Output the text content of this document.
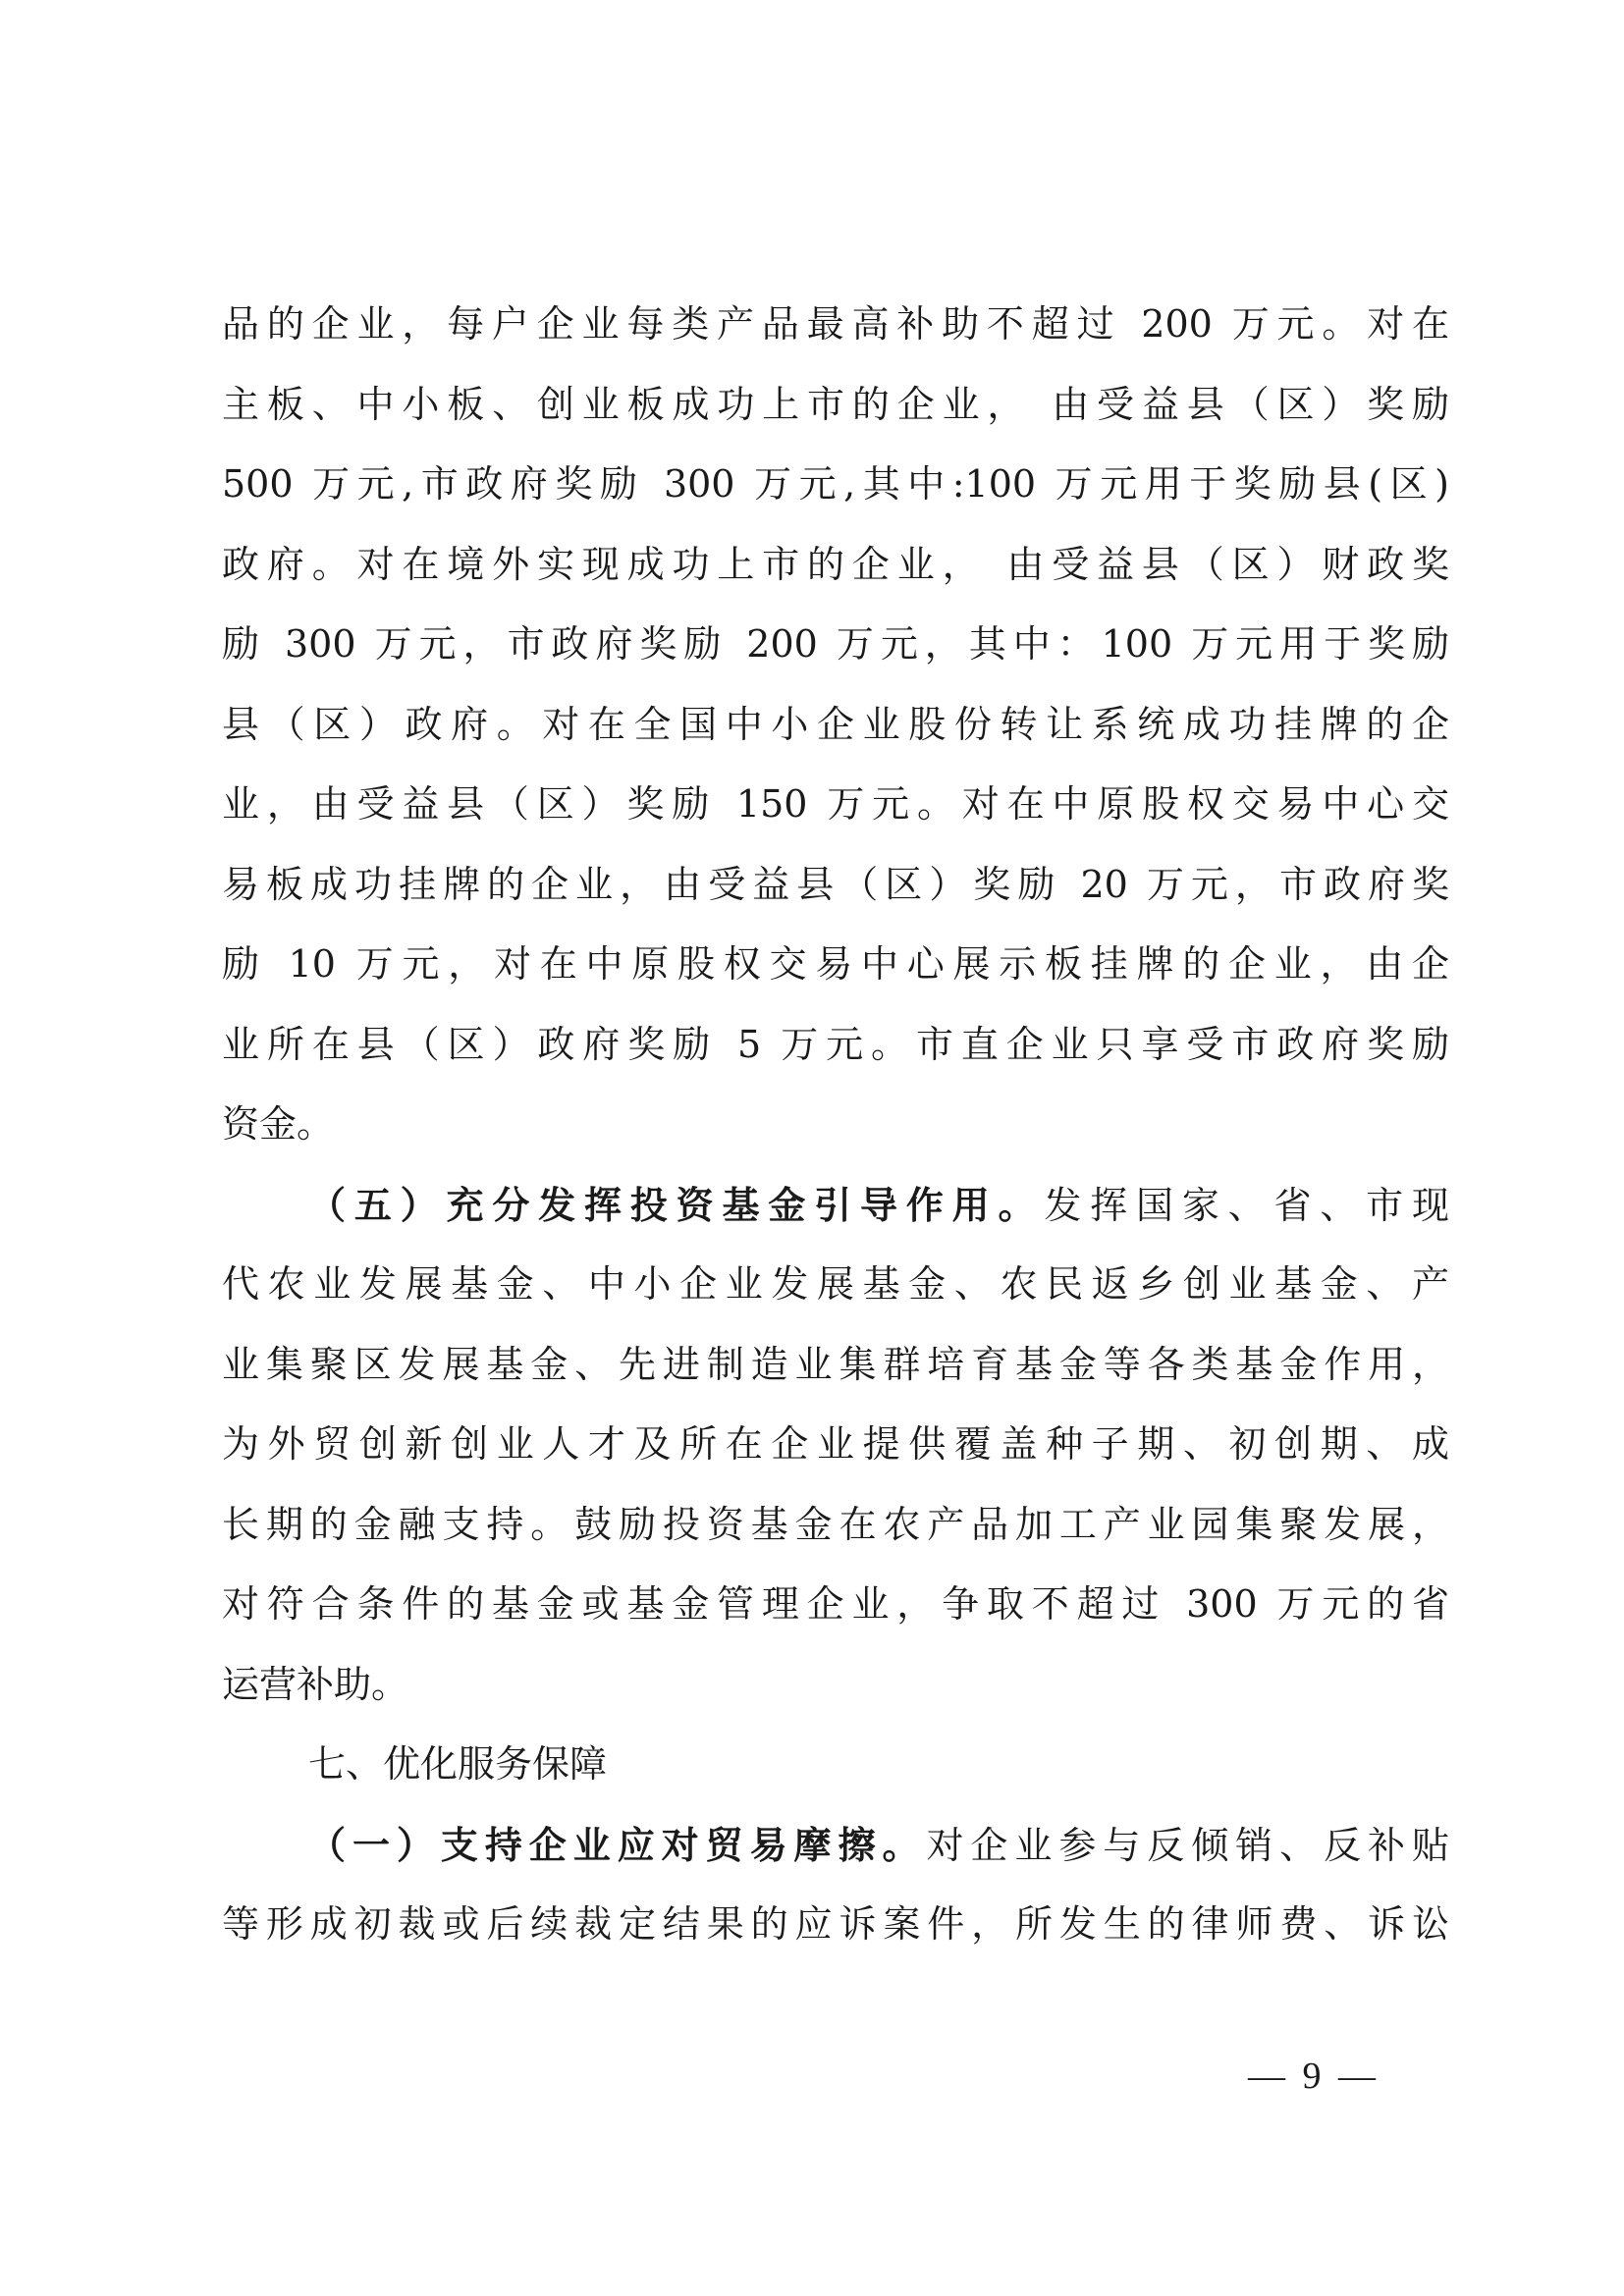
品的企业，每户企业每类产品最高补助不超过 200 万元。对在
主板、中小板、创业板成功上市的企业， 由受益县（区）奖励
500 万元,市政府奖励 300 万元,其中:100 万元用于奖励县(区)
政府。对在境外实现成功上市的企业， 由受益县（区）财政奖
励 300 万元，市政府奖励 200 万元，其中：100 万元用于奖励
县（区）政府。对在全国中小企业股份转让系统成功挂牌的企
业，由受益县（区）奖励 150 万元。对在中原股权交易中心交
易板成功挂牌的企业，由受益县（区）奖励 20 万元，市政府奖
励 10 万元，对在中原股权交易中心展示板挂牌的企业，由企
业所在县（区）政府奖励 5 万元。市直企业只享受市政府奖励
资金。
（五）充分发挥投资基金引导作用。发挥国家、省、市现
代农业发展基金、中小企业发展基金、农民返乡创业基金、产
业集聚区发展基金、先进制造业集群培育基金等各类基金作用，
为外贸创新创业人才及所在企业提供覆盖种子期、初创期、成
长期的金融支持。鼓励投资基金在农产品加工产业园集聚发展，
对符合条件的基金或基金管理企业，争取不超过 300 万元的省
运营补助。
七、优化服务保障
（一）支持企业应对贸易摩擦。对企业参与反倾销、反补贴
等形成初裁或后续裁定结果的应诉案件，所发生的律师费、诉讼
— 9 —
